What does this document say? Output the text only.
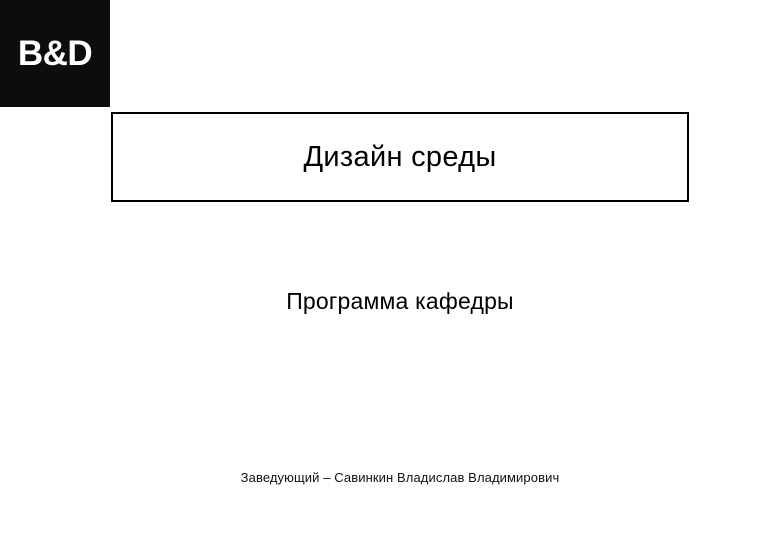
B&D
Дизайн среды
Программа кафедры
Заведующий – Савинкин Владислав Владимирович
